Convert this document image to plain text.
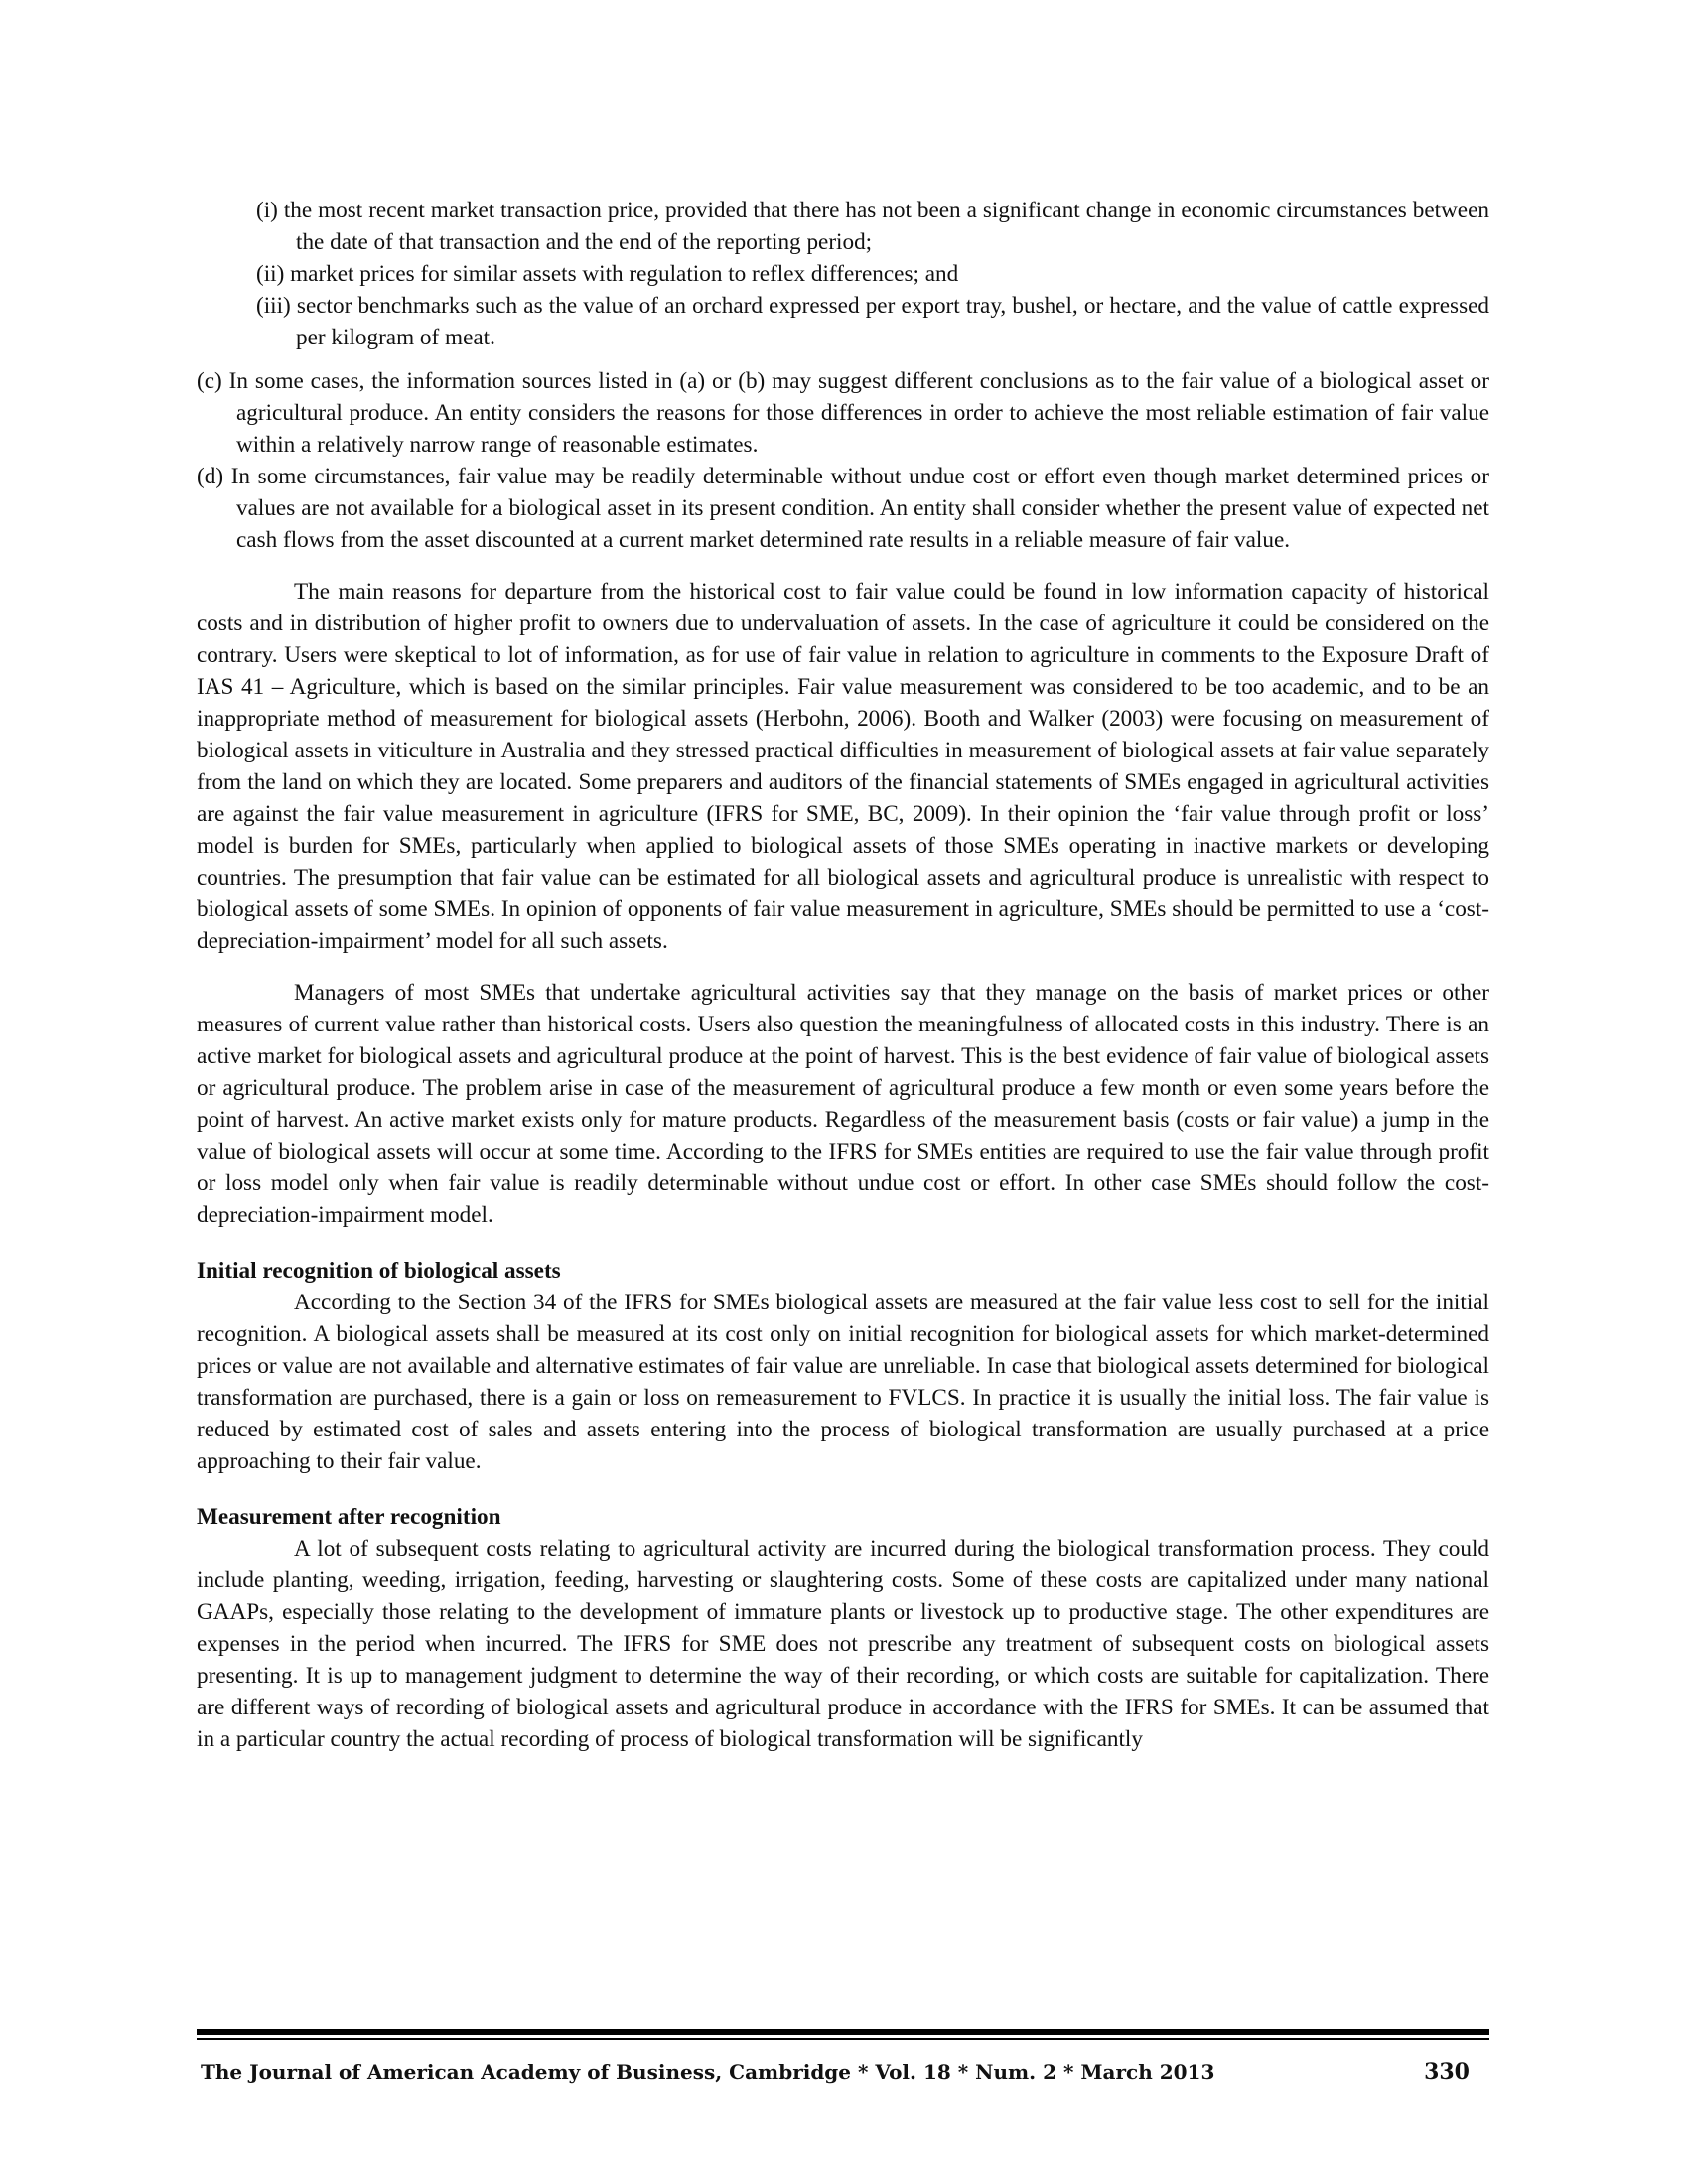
(i) the most recent market transaction price, provided that there has not been a significant change in economic circumstances between the date of that transaction and the end of the reporting period;
(ii) market prices for similar assets with regulation to reflex differences; and
(iii) sector benchmarks such as the value of an orchard expressed per export tray, bushel, or hectare, and the value of cattle expressed per kilogram of meat.
(c) In some cases, the information sources listed in (a) or (b) may suggest different conclusions as to the fair value of a biological asset or agricultural produce. An entity considers the reasons for those differences in order to achieve the most reliable estimation of fair value within a relatively narrow range of reasonable estimates.
(d) In some circumstances, fair value may be readily determinable without undue cost or effort even though market determined prices or values are not available for a biological asset in its present condition. An entity shall consider whether the present value of expected net cash flows from the asset discounted at a current market determined rate results in a reliable measure of fair value.

The main reasons for departure from the historical cost to fair value could be found in low information capacity of historical costs and in distribution of higher profit to owners due to undervaluation of assets. In the case of agriculture it could be considered on the contrary. Users were skeptical to lot of information, as for use of fair value in relation to agriculture in comments to the Exposure Draft of IAS 41 – Agriculture, which is based on the similar principles. Fair value measurement was considered to be too academic, and to be an inappropriate method of measurement for biological assets (Herbohn, 2006). Booth and Walker (2003) were focusing on measurement of biological assets in viticulture in Australia and they stressed practical difficulties in measurement of biological assets at fair value separately from the land on which they are located. Some preparers and auditors of the financial statements of SMEs engaged in agricultural activities are against the fair value measurement in agriculture (IFRS for SME, BC, 2009). In their opinion the ‘fair value through profit or loss’ model is burden for SMEs, particularly when applied to biological assets of those SMEs operating in inactive markets or developing countries. The presumption that fair value can be estimated for all biological assets and agricultural produce is unrealistic with respect to biological assets of some SMEs. In opinion of opponents of fair value measurement in agriculture, SMEs should be permitted to use a ‘cost-depreciation-impairment’ model for all such assets.

Managers of most SMEs that undertake agricultural activities say that they manage on the basis of market prices or other measures of current value rather than historical costs. Users also question the meaningfulness of allocated costs in this industry. There is an active market for biological assets and agricultural produce at the point of harvest. This is the best evidence of fair value of biological assets or agricultural produce. The problem arise in case of the measurement of agricultural produce a few month or even some years before the point of harvest. An active market exists only for mature products. Regardless of the measurement basis (costs or fair value) a jump in the value of biological assets will occur at some time. According to the IFRS for SMEs entities are required to use the fair value through profit or loss model only when fair value is readily determinable without undue cost or effort. In other case SMEs should follow the cost-depreciation-impairment model.

Initial recognition of biological assets

According to the Section 34 of the IFRS for SMEs biological assets are measured at the fair value less cost to sell for the initial recognition. A biological assets shall be measured at its cost only on initial recognition for biological assets for which market-determined prices or value are not available and alternative estimates of fair value are unreliable. In case that biological assets determined for biological transformation are purchased, there is a gain or loss on remeasurement to FVLCS. In practice it is usually the initial loss. The fair value is reduced by estimated cost of sales and assets entering into the process of biological transformation are usually purchased at a price approaching to their fair value.

Measurement after recognition

A lot of subsequent costs relating to agricultural activity are incurred during the biological transformation process. They could include planting, weeding, irrigation, feeding, harvesting or slaughtering costs. Some of these costs are capitalized under many national GAAPs, especially those relating to the development of immature plants or livestock up to productive stage. The other expenditures are expenses in the period when incurred. The IFRS for SME does not prescribe any treatment of subsequent costs on biological assets presenting. It is up to management judgment to determine the way of their recording, or which costs are suitable for capitalization. There are different ways of recording of biological assets and agricultural produce in accordance with the IFRS for SMEs. It can be assumed that in a particular country the actual recording of process of biological transformation will be significantly

The Journal of American Academy of Business, Cambridge * Vol. 18 * Num. 2 * March 2013	330
